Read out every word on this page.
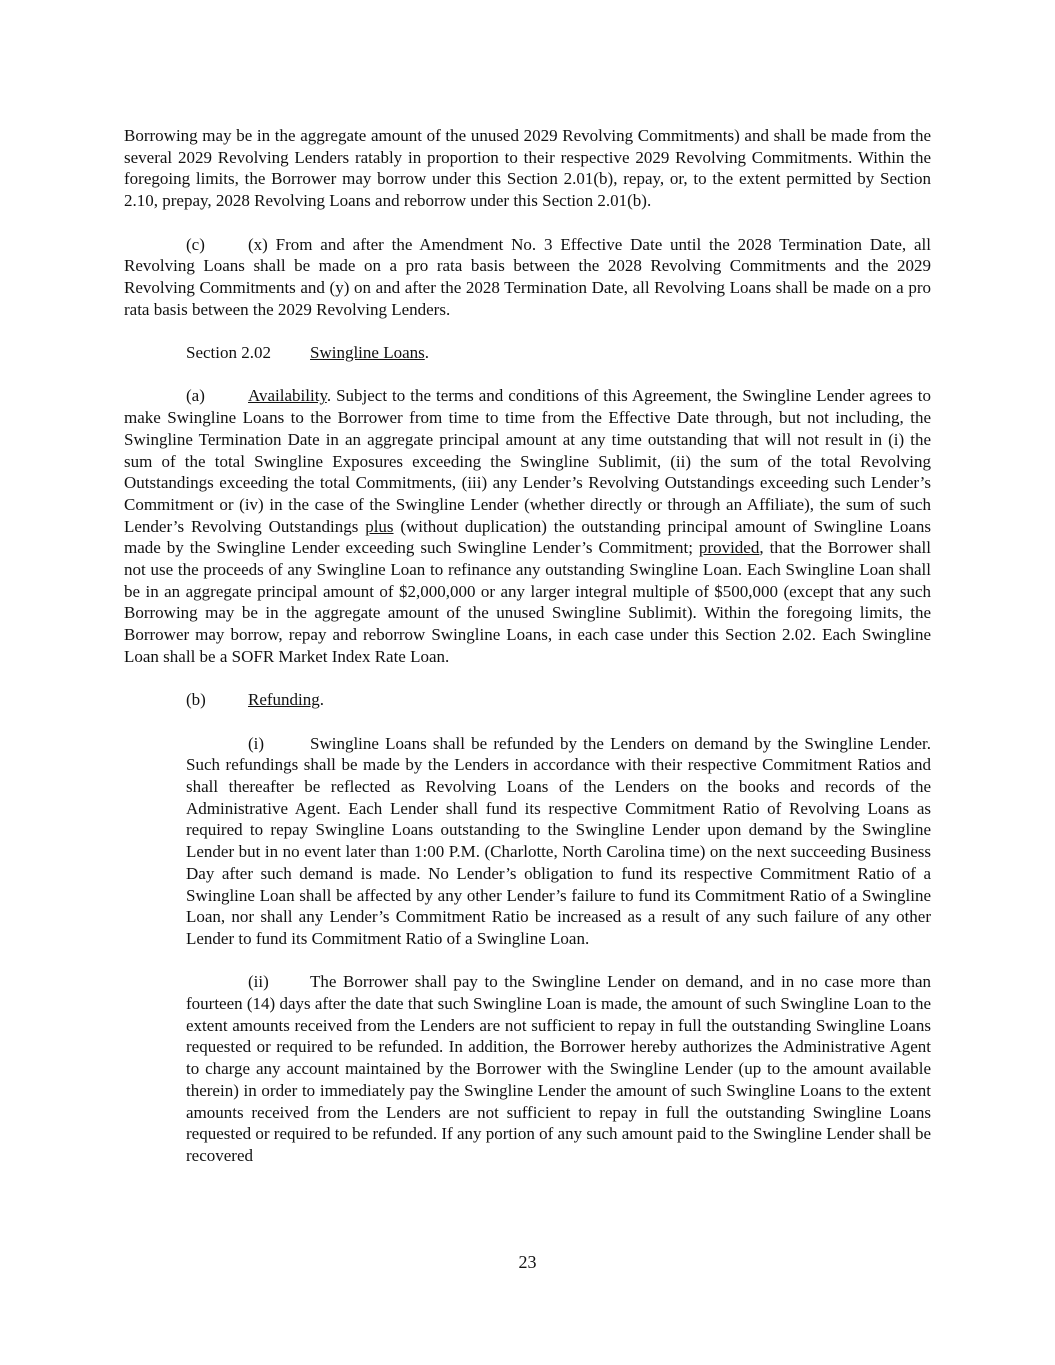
Borrowing may be in the aggregate amount of the unused 2029 Revolving Commitments) and shall be made from the several 2029 Revolving Lenders ratably in proportion to their respective 2029 Revolving Commitments. Within the foregoing limits, the Borrower may borrow under this Section 2.01(b), repay, or, to the extent permitted by Section 2.10, prepay, 2028 Revolving Loans and reborrow under this Section 2.01(b).

(c)	(x) From and after the Amendment No. 3 Effective Date until the 2028 Termination Date, all Revolving Loans shall be made on a pro rata basis between the 2028 Revolving Commitments and the 2029 Revolving Commitments and (y) on and after the 2028 Termination Date, all Revolving Loans shall be made on a pro rata basis between the 2029 Revolving Lenders.

Section 2.02 Swingline Loans.

(a)	Availability. Subject to the terms and conditions of this Agreement, the Swingline Lender agrees to make Swingline Loans to the Borrower from time to time from the Effective Date through, but not including, the Swingline Termination Date in an aggregate principal amount at any time outstanding that will not result in (i) the sum of the total Swingline Exposures exceeding the Swingline Sublimit, (ii) the sum of the total Revolving Outstandings exceeding the total Commitments, (iii) any Lender’s Revolving Outstandings exceeding such Lender’s Commitment or (iv) in the case of the Swingline Lender (whether directly or through an Affiliate), the sum of such Lender’s Revolving Outstandings plus (without duplication) the outstanding principal amount of Swingline Loans made by the Swingline Lender exceeding such Swingline Lender’s Commitment; provided, that the Borrower shall not use the proceeds of any Swingline Loan to refinance any outstanding Swingline Loan. Each Swingline Loan shall be in an aggregate principal amount of $2,000,000 or any larger integral multiple of $500,000 (except that any such Borrowing may be in the aggregate amount of the unused Swingline Sublimit). Within the foregoing limits, the Borrower may borrow, repay and reborrow Swingline Loans, in each case under this Section 2.02. Each Swingline Loan shall be a SOFR Market Index Rate Loan.

(b) Refunding.

(i)	Swingline Loans shall be refunded by the Lenders on demand by the Swingline Lender. Such refundings shall be made by the Lenders in accordance with their respective Commitment Ratios and shall thereafter be reflected as Revolving Loans of the Lenders on the books and records of the Administrative Agent. Each Lender shall fund its respective Commitment Ratio of Revolving Loans as required to repay Swingline Loans outstanding to the Swingline Lender upon demand by the Swingline Lender but in no event later than 1:00 P.M. (Charlotte, North Carolina time) on the next succeeding Business Day after such demand is made. No Lender’s obligation to fund its respective Commitment Ratio of a Swingline Loan shall be affected by any other Lender’s failure to fund its Commitment Ratio of a Swingline Loan, nor shall any Lender’s Commitment Ratio be increased as a result of any such failure of any other Lender to fund its Commitment Ratio of a Swingline Loan.

(ii) The Borrower shall pay to the Swingline Lender on demand, and in no case more than fourteen (14) days after the date that such Swingline Loan is made, the amount of such Swingline Loan to the extent amounts received from the Lenders are not sufficient to repay in full the outstanding Swingline Loans requested or required to be refunded. In addition, the Borrower hereby authorizes the Administrative Agent to charge any account maintained by the Borrower with the Swingline Lender (up to the amount available therein) in order to immediately pay the Swingline Lender the amount of such Swingline Loans to the extent amounts received from the Lenders are not sufficient to repay in full the outstanding Swingline Loans requested or required to be refunded. If any portion of any such amount paid to the Swingline Lender shall be recovered

23
